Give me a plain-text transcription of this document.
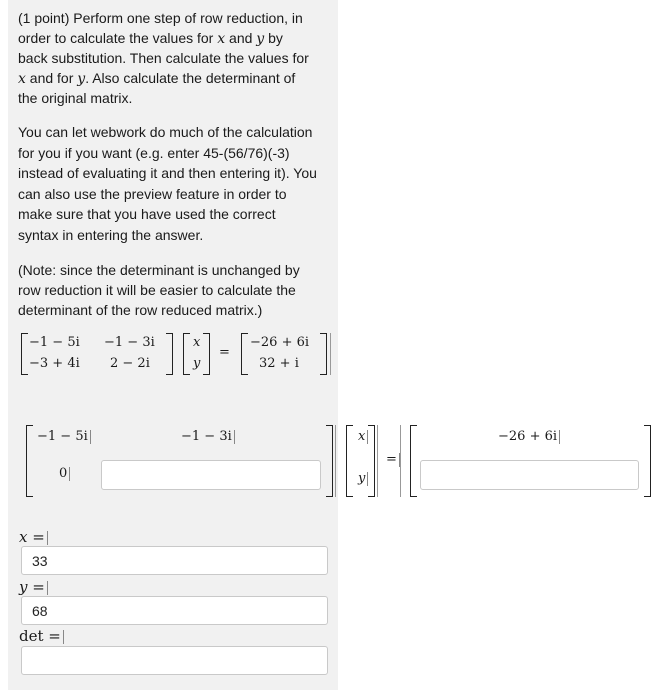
(1 point) Perform one step of row reduction, in

order to calculate the values for x and y by

back substitution. Then calculate the values for

x and for y. Also calculate the determinant of

the original matrix.

You can let webwork do much of the calculation

for you if you want (e.g. enter 45-(56/76)(-3)

instead of evaluating it and then entering it). You

can also use the preview feature in order to

make sure that you have used the correct

syntax in entering the answer.

(Note: since the determinant is unchanged by

row reduction it will be easier to calculate the

determinant of the row reduced matrix.)

−1 − 5i −1 − 3i
−3 + 4i 2 − 2i
x
y
=
−26 + 6i
32 + i
−1 − 5i	−1 − 3i
0
x
y
=
−26 + 6i
x =
33
y =
68
det =
